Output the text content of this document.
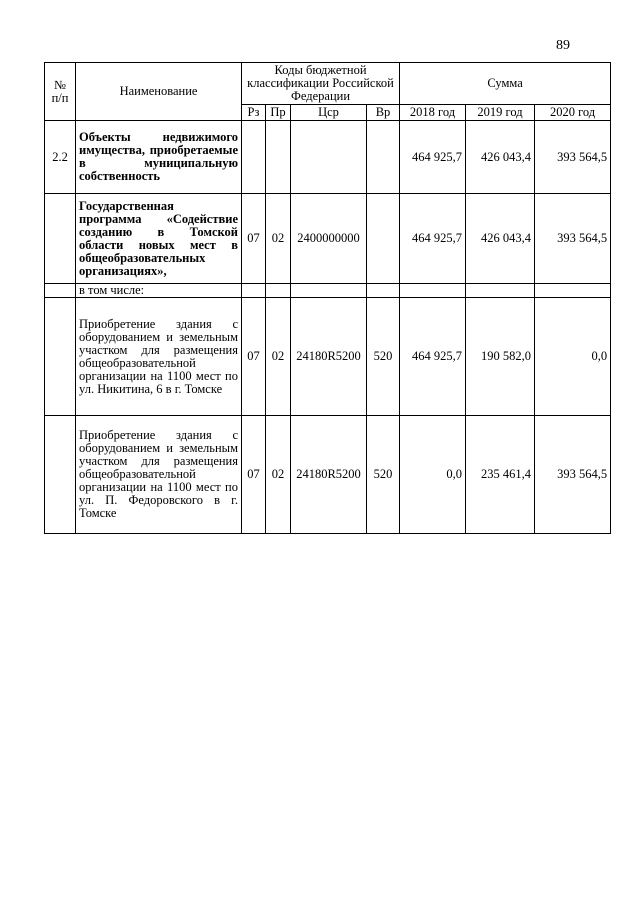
89
№
п/п	Наименование	Коды бюджетной классификации Российской Федерации				Сумма		
		Рз	Пр	Цср	Вр	2018 год	2019 год	2020 год
2.2	Объекты недвижимого имущества, приобретаемые в муниципальную собственность					464 925,7	426 043,4	393 564,5
	Государственная программа «Содействие созданию в Томской области новых мест в общеобразовательных организациях»,	07	02	2400000000		464 925,7	426 043,4	393 564,5
	в том числе:							
	Приобретение здания с оборудованием и земельным участком для размещения общеобразовательной организации на 1100 мест по ул. Никитина, 6 в г. Томске	07	02	24180R5200	520	464 925,7	190 582,0	0,0
	Приобретение здания с оборудованием и земельным участком для размещения общеобразовательной организации на 1100 мест по ул. П. Федоровского в г. Томске	07	02	24180R5200	520	0,0	235 461,4	393 564,5
